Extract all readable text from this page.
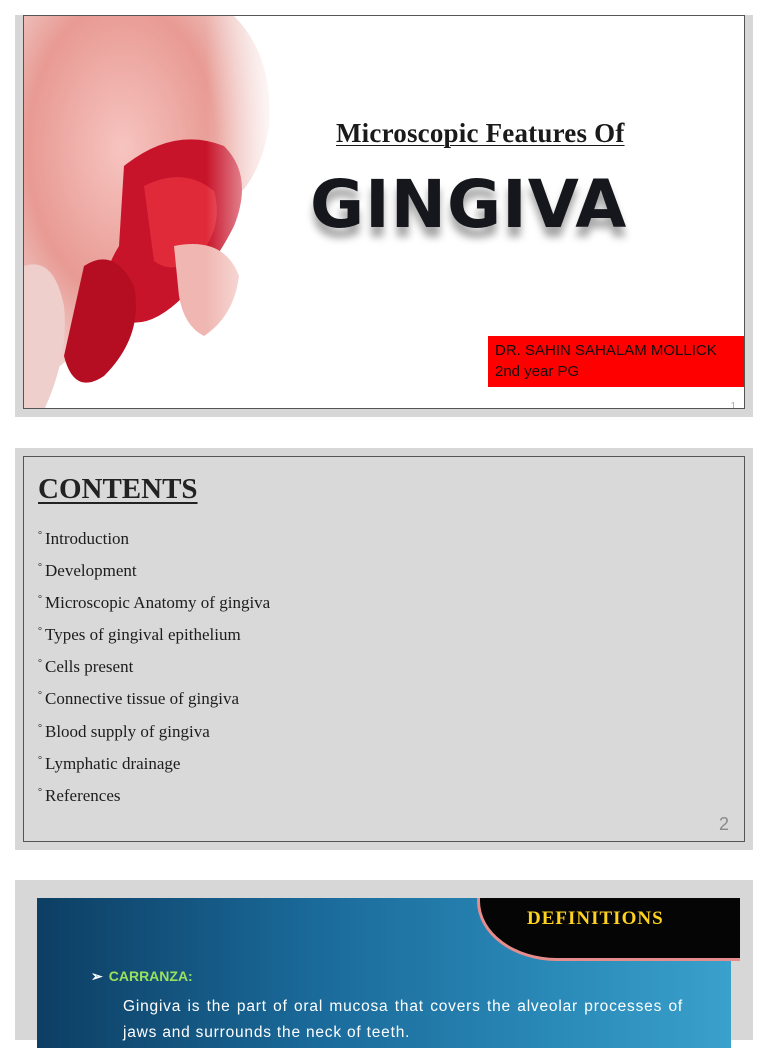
Microscopic Features Of
GINGIVA
DR. SAHIN SAHALAM MOLLICK
2nd year PG
1
CONTENTS
° Introduction
° Development
° Microscopic Anatomy of gingiva
° Types of gingival epithelium
° Cells present
° Connective tissue of gingiva
° Blood supply of gingiva
° Lymphatic drainage
° References
2
DEFINITIONS
➢ CARRANZA:
Gingiva is the part of oral mucosa that covers the alveolar processes of jaws and surrounds the neck of teeth.
